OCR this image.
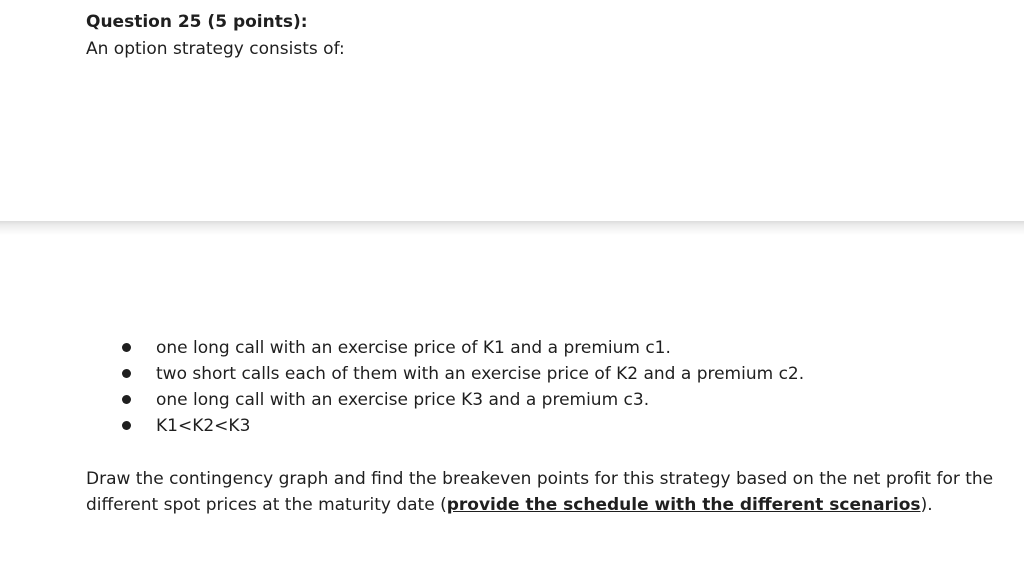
Question 25 (5 points):
An option strategy consists of:
one long call with an exercise price of K1 and a premium c1.
two short calls each of them with an exercise price of K2 and a premium c2.
one long call with an exercise price K3 and a premium c3.
K1<K2<K3
Draw the contingency graph and find the breakeven points for this strategy based on the net profit for the
different spot prices at the maturity date (provide the schedule with the different scenarios).
